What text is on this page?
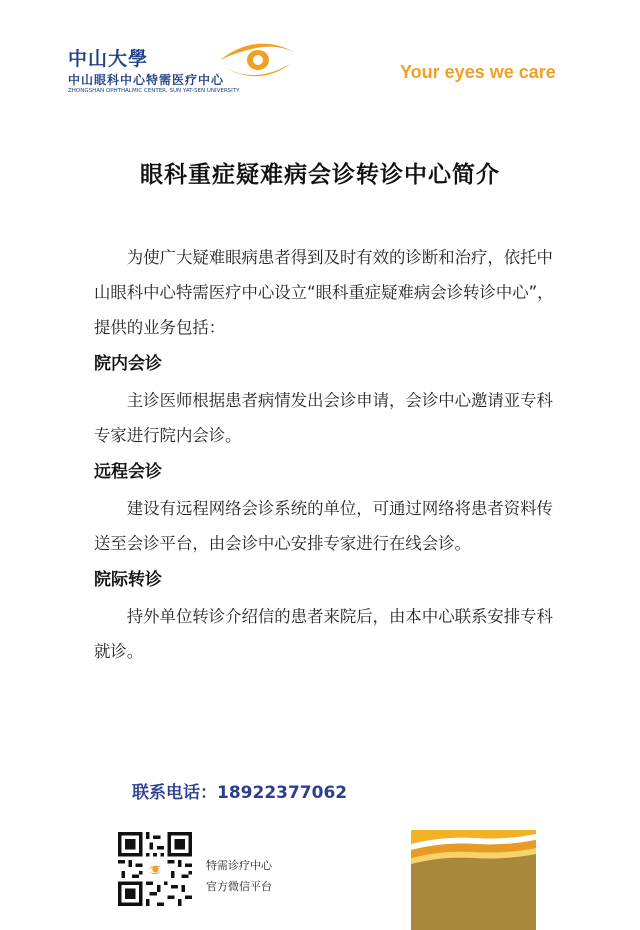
中山大學
中山眼科中心特需医疗中心
ZHONGSHAN OPHTHALMIC CENTER, SUN YAT-SEN UNIVERSITY
Your eyes we care
眼科重症疑难病会诊转诊中心简介

为使广大疑难眼病患者得到及时有效的诊断和治疗，依托中山眼科中心特需医疗中心设立“眼科重症疑难病会诊转诊中心”，提供的业务包括：

院内会诊

主诊医师根据患者病情发出会诊申请，会诊中心邀请亚专科专家进行院内会诊。

远程会诊

建设有远程网络会诊系统的单位，可通过网络将患者资料传送至会诊平台，由会诊中心安排专家进行在线会诊。

院际转诊

持外单位转诊介绍信的患者来院后，由本中心联系安排专科就诊。

联系电话：18922377062
特需诊疗中心
官方微信平台
